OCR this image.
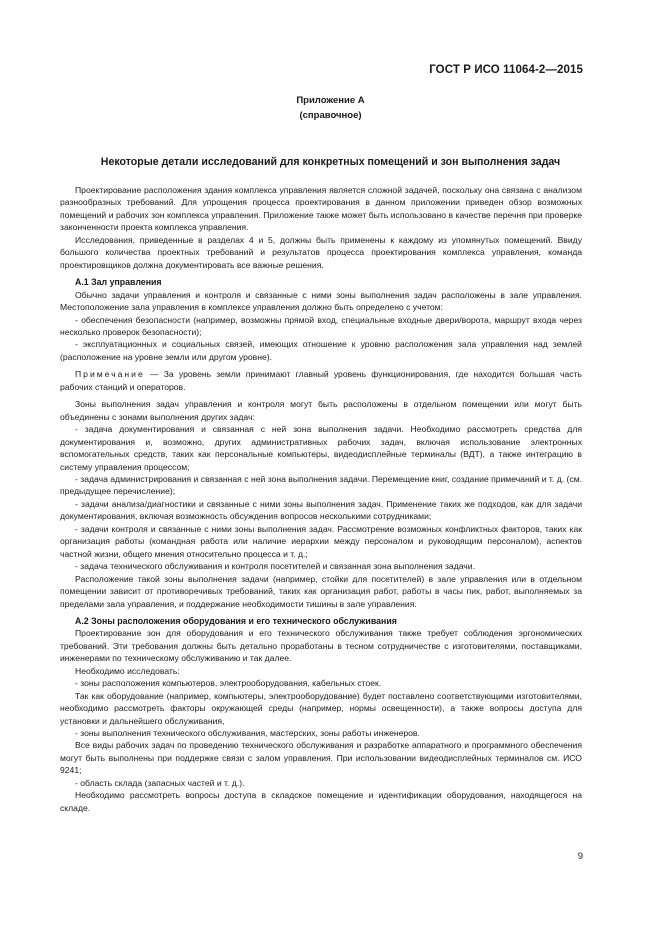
ГОСТ Р ИСО 11064-2—2015
Приложение А
(справочное)
Некоторые детали исследований для конкретных помещений и зон выполнения задач

Проектирование расположения здания комплекса управления является сложной задачей, поскольку она связана с анализом разнообразных требований. Для упрощения процесса проектирования в данном приложении приведен обзор возможных помещений и рабочих зон комплекса управления. Приложение также может быть использовано в качестве перечня при проверке законченности проекта комплекса управления.

Исследования, приведенные в разделах 4 и 5, должны быть применены к каждому из упомянутых помещений. Ввиду большого количества проектных требований и результатов процесса проектирования комплекса управления, команда проектировщиков должна документировать все важные решения.

А.1 Зал управления

Обычно задачи управления и контроля и связанные с ними зоны выполнения задач расположены в зале управления. Местоположение зала управления в комплексе управления должно быть определено с учетом:

- обеспечения безопасности (например, возможны прямой вход, специальные входные двери/ворота, маршрут входа через несколько проверок безопасности);

- эксплуатационных и социальных связей, имеющих отношение к уровню расположения зала управления над землей (расположение на уровне земли или другом уровне).

Примечание — За уровень земли принимают главный уровень функционирования, где находится большая часть рабочих станций и операторов.

Зоны выполнения задач управления и контроля могут быть расположены в отдельном помещении или могут быть объединены с зонами выполнения других задач:

- задача документирования и связанная с ней зона выполнения задачи. Необходимо рассмотреть средства для документирования и, возможно, других административных рабочих задач, включая использование электронных вспомогательных средств, таких как персональные компьютеры, видеодисплейные терминалы (ВДТ), а также интеграцию в систему управления процессом;

- задача администрирования и связанная с ней зона выполнения задачи. Перемещение книг, создание примечаний и т. д. (см. предыдущее перечисление);

- задачи анализа/диагностики и связанные с ними зоны выполнения задач. Применение таких же подходов, как для задачи документирования, включая возможность обсуждения вопросов несколькими сотрудниками;

- задачи контроля и связанные с ними зоны выполнения задач. Рассмотрение возможных конфликтных факторов, таких как организация работы (командная работа или наличие иерархии между персоналом и руководящим персоналом), аспектов частной жизни, общего мнения относительно процесса и т. д.;

- задача технического обслуживания и контроля посетителей и связанная зона выполнения задачи.

Расположение такой зоны выполнения задачи (например, стойки для посетителей) в зале управления или в отдельном помещении зависит от противоречивых требований, таких как организация работ, работы в часы пик, работ, выполняемых за пределами зала управления, и поддержание необходимости тишины в зале управления.

А.2 Зоны расположения оборудования и его технического обслуживания

Проектирование зон для оборудования и его технического обслуживания также требует соблюдения эргономических требований. Эти требования должны быть детально проработаны в тесном сотрудничестве с изготовителями, поставщиками, инженерами по техническому обслуживанию и так далее.

Необходимо исследовать:

- зоны расположения компьютеров, электрооборудования, кабельных стоек.

Так как оборудование (например, компьютеры, электрооборудование) будет поставлено соответствующими изготовителями, необходимо рассмотреть факторы окружающей среды (например, нормы освещенности), а также вопросы доступа для установки и дальнейшего обслуживания,

- зоны выполнения технического обслуживания, мастерских, зоны работы инженеров.

Все виды рабочих задач по проведению технического обслуживания и разработке аппаратного и программного обеспечения могут быть выполнены при поддержке связи с залом управления. При использовании видеодисплейных терминалов см. ИСО 9241;

- область склада (запасных частей и т. д.).

Необходимо рассмотреть вопросы доступа в складское помещение и идентификации оборудования, находящегося на складе.

9
